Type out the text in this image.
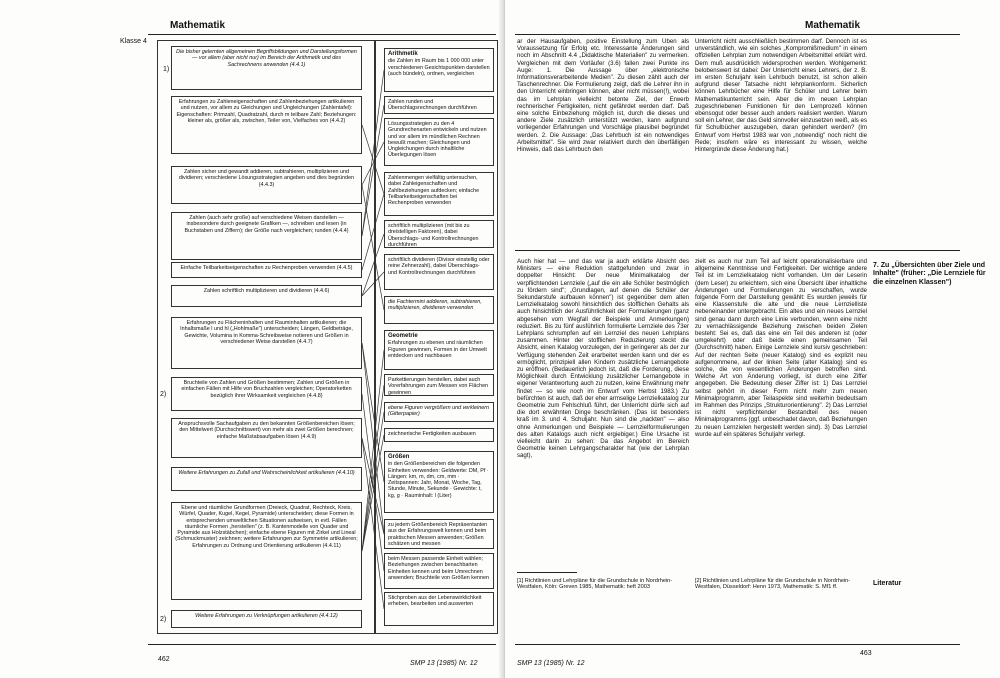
Mathematik
Klasse 4
1)
2)
2)
Die bisher gelernten allgemeinen Begriffsbildungen und Darstellungsformen — vor allem (aber nicht nur) im Bereich der Arithmetik und des Sachrechnens anwenden (4.4.1)
Erfahrungen zu Zahleneigenschaften und Zahlenbeziehungen artikulieren und nutzen, vor allem zu Gleichungen und Ungleichungen (Zahlentafel): Eigenschaften: Primzahl, Quadratzahl, durch m teilbare Zahl; Beziehungen: kleiner als, größer als, zwischen, Teiler von, Vielfaches von (4.4.2)
Zahlen sicher und gewandt addieren, subtrahieren, multiplizieren und dividieren; verschiedene Lösungsstrategien angeben und dies begründen (4.4.3)
Zahlen (auch sehr große) auf verschiedene Weisen darstellen — insbesondere durch geeignete Grafiken —, schreiben und lesen (in Buchstaben und Ziffern); der Größe nach vergleichen; runden (4.4.4)
Einfache Teilbarkeitseigenschaften zu Rechenproben verwenden (4.4.5)
Zahlen schriftlich multiplizieren und dividieren (4.4.6)
Erfahrungen zu Flächeninhalten und Rauminhalten artikulieren; die Inhaltsmaße l und hl („Hohlmaße") unterscheiden; Längen, Geldbeträge, Gewichte, Volumina in Komma-Schreibweise notieren und Größen in verschiedener Weise darstellen (4.4.7)
Bruchteile von Zahlen und Größen bestimmen; Zahlen und Größen in einfachen Fällen mit Hilfe von Bruchzahlen vergleichen; Operatorketten bezüglich ihrer Wirksamkeit vergleichen (4.4.8)
Anspruchsvolle Sachaufgaben zu den bekannten Größenbereichen lösen; den Mittelwert (Durchschnittswert) von mehr als zwei Größen berechnen; einfache Maßstabsaufgaben lösen (4.4.9)
Weitere Erfahrungen zu Zufall und Wahrscheinlichkeit artikulieren (4.4.10)
Ebene und räumliche Grundformen (Dreieck, Quadrat, Rechteck, Kreis, Würfel, Quader, Kugel, Kegel, Pyramide) unterscheiden; diese Formen in entsprechenden umweltlichen Situationen aufweisen, in evtl. Fällen räumliche Formen „herstellen" (z. B. Kantenmodelle von Quader und Pyramide aus Holzstäbchen); einfache ebene Figuren mit Zirkel und Lineal (Schmuckmuster) zeichnen; weitere Erfahrungen zur Symmetrie artikulieren; Erfahrungen zu Ordnung und Orientierung artikulieren (4.4.11)
Weitere Erfahrungen zu Verknüpfungen artikulieren (4.4.12)
Arithmetik
die Zahlen im Raum bis 1 000 000 unter verschiedenen Gesichtspunkten darstellen (auch bündeln), ordnen, vergleichen
Zahlen runden und Überschlagsrechnungen durchführen
Lösungsstrategien zu den 4 Grundrechenarten entwickeln und nutzen und vor allem im mündlichen Rechnen bewußt machen; Gleichungen und Ungleichungen durch inhaltliche Überlegungen lösen
Zahlenmengen vielfältig untersuchen, dabei Zahleigenschaften und Zahlbeziehungen aufdecken; einfache Teilbarkeitseigenschaften bei Rechenproben verwenden
schriftlich multiplizieren (mit bis zu dreistelligen Faktoren), dabei Überschlags- und Kontrollrechnungen durchführen
schriftlich dividieren (Divisor einstellig oder reine Zehnerzahl), dabei Überschlags- und Kontrollrechnungen durchführen
die Fachtermini addieren, subtrahieren, multiplizieren, dividieren verwenden
Geometrie
Erfahrungen zu ebenen und räumlichen Figuren gewinnen, Formen in der Umwelt entdecken und nachbauen
Parkettierungen herstellen, dabei auch Vorerfahrungen zum Messen von Flächen gewinnen
ebene Figuren vergrößern und verkleinern (Gitterpapier)
zeichnerische Fertigkeiten ausbauen
Größen
in den Größenbereichen die folgenden Einheiten verwenden: Geldwerte: DM, Pf · Längen: km, m, dm, cm, mm · Zeitspannen: Jahr, Monat, Woche, Tag, Stunde, Minute, Sekunde · Gewichte: t, kg, g · Rauminhalt: l (Liter)
zu jedem Größenbereich Repräsentanten aus der Erfahrungswelt kennen und beim praktischen Messen anwenden; Größen schätzen und messen
beim Messen passende Einheit wählen; Beziehungen zwischen benachbarten Einheiten kennen und beim Umrechnen anwenden; Bruchteile von Größen kennen
Stichproben aus der Lebenswirklichkeit erheben, bearbeiten und auswerten
462
SMP 13 (1985) Nr. 12
Mathematik
ar der Hausaufgaben, positive Einstellung zum Üben als Voraussetzung für Erfolg etc. Interessante Änderungen sind noch im Abschnitt 4.4 „Didaktische Materialien" zu vermerken. Vergleichen mit dem Vorläufer (3.6) fallen zwei Punkte ins Auge: 1. Die Aussage über „elektronische Informationsverarbeitende Medien". Zu diesen zählt auch der Taschenrechner. Die Formulierung zeigt, daß die Lehrer ihn in den Unterricht einbringen können, aber nicht müssen(!), wobei das im Lehrplan vielleicht betonte Ziel, der Erwerb rechnerischer Fertigkeiten, nicht gefährdet werden darf. Daß eine solche Einbeziehung möglich ist, durch die dieses und andere Ziele zusätzlich unterstützt werden, kann aufgrund vorliegender Erfahrungen und Vorschläge plausibel begründet werden. 2. Die Aussage: „Das Lehrbuch ist ein notwendiges Arbeitsmittel". Sie wird zwar relativiert durch den überfälligen Hinweis, daß das Lehrbuch den
Unterricht nicht ausschließlich bestimmen darf. Dennoch ist es unverständlich, wie ein solches „Kompromißmedium" in einem offiziellen Lehrplan zum notwendigen Arbeitsmittel erklärt wird. Dem muß ausdrücklich widersprochen werden. Wohlgemerkt: belobenswert ist dabei: Der Unterricht eines Lehrers, der z. B. im ersten Schuljahr kein Lehrbuch benutzt, ist schon allein aufgrund dieser Tatsache nicht lehrplankonform. Sicherlich können Lehrbücher eine Hilfe für Schüler und Lehrer beim Mathematikunterricht sein. Aber die im neuen Lehrplan zugeschriebenen Funktionen für den Lernprozeß können ebensogut oder besser auch anders realisiert werden. Warum soll ein Lehrer, der das Geld sinnvoller einzusetzen weiß, als es für Schulbücher auszugeben, daran gehindert werden? (Im Entwurf vom Herbst 1983 war von „notwendig" noch nicht die Rede; insofern wäre es interessant zu wissen, welche Hintergründe diese Änderung hat.)
Auch hier hat — und das war ja auch erklärte Absicht des Ministers — eine Reduktion stattgefunden und zwar in doppelter Hinsicht: Der neue Minimalkatalog der verpflichtenden Lernziele („auf die ein alle Schüler bestmöglich zu fördern sind"; „Grundlagen, auf denen die Schüler der Sekundarstufe aufbauen können") ist gegenüber dem alten Lernzielkatalog sowohl hinsichtlich des stofflichen Gehalts als auch hinsichtlich der Ausführlichkeit der Formulierungen (ganz abgesehen vom Wegfall der Beispiele und Anmerkungen) reduziert. Bis zu fünf ausführlich formulierte Lernziele des 73er Lehrplans schrumpfen auf ein Lernziel des neuen Lehrplans zusammen. Hinter der stofflichen Reduzierung steckt die Absicht, einen Katalog vorzulegen, der in geringerer als der zur Verfügung stehenden Zeit erarbeitet werden kann und der es ermöglicht, prinzipiell allen Kindern zusätzliche Lernangebote zu eröffnen. (Bedauerlich jedoch ist, daß die Forderung, diese Möglichkeit durch Entwicklung zusätzlicher Lernangebote in eigener Verantwortung auch zu nutzen, keine Erwähnung mehr findet — so wie noch im Entwurf vom Herbst 1983.) Zu befürchten ist auch, daß der eher armselige Lernzielkatalog zur Geometrie zum Fehlschluß führt, der Unterricht dürfe sich auf die dort erwähnten Dinge beschränken. (Das ist besonders kraß im 3. und 4. Schuljahr. Nun sind die „nackten" — also ohne Anmerkungen und Beispiele — Lernzielformulierungen des alten Katalogs auch nicht ergiebiger.) Eine Ursache ist vielleicht darin zu sehen: Da das Angebot im Bereich Geometrie keinen Lehrgangscharakter hat (wie der Lehrplan sagt),
zielt es auch nur zum Teil auf leicht operationalisierbare und allgemeine Kenntnisse und Fertigkeiten. Der wichtige andere Teil ist im Lernzielkatalog nicht vorhanden. Um der Leserin (dem Leser) zu erleichtern, sich eine Übersicht über inhaltliche Änderungen und Formulierungen zu verschaffen, wurde folgende Form der Darstellung gewählt: Es wurden jeweils für eine Klassenstufe die alte und die neue Lernzielliste nebeneinander untergebracht. Ein altes und ein neues Lernziel sind genau dann durch eine Linie verbunden, wenn eine nicht zu vernachlässigende Beziehung zwischen beiden Zielen besteht: Sei es, daß das eine ein Teil des anderen ist (oder umgekehrt) oder daß beide einen gemeinsamen Teil (Durchschnitt) haben. Einige Lernziele sind kursiv geschrieben: Auf der rechten Seite (neuer Katalog) sind es explizit neu aufgenommene, auf der linken Seite (alter Katalog) sind es solche, die von wesentlichen Änderungen betroffen sind. Welche Art von Änderung vorliegt, ist durch eine Ziffer angegeben. Die Bedeutung dieser Ziffer ist: 1) Das Lernziel selbst gehört in dieser Form nicht mehr zum neuen Minimalprogramm, aber Teilaspekte sind weiterhin bedeutsam im Rahmen des Prinzips „Strukturorientierung". 2) Das Lernziel ist nicht verpflichtender Bestandteil des neuen Minimalprogramms (ggf. unbeschadet davon, daß Beziehungen zu neuen Lernzielen hergestellt werden sind). 3) Das Lernziel wurde auf ein späteres Schuljahr verlegt.
7. Zu „Übersichten über Ziele und Inhalte" (früher: „Die Lernziele für die einzelnen Klassen")
Literatur
[1] Richtlinien und Lehrpläne für die Grundschule in Nordrhein-Westfalen, Köln: Greven 1985, Mathematik: heft 2003
[2] Richtlinien und Lehrpläne für die Grundschule in Nordrhein-Westfalen, Düsseldorf: Henn 1973, Mathematik: S. Mf1 ff.
SMP 13 (1985) Nr. 12
463
